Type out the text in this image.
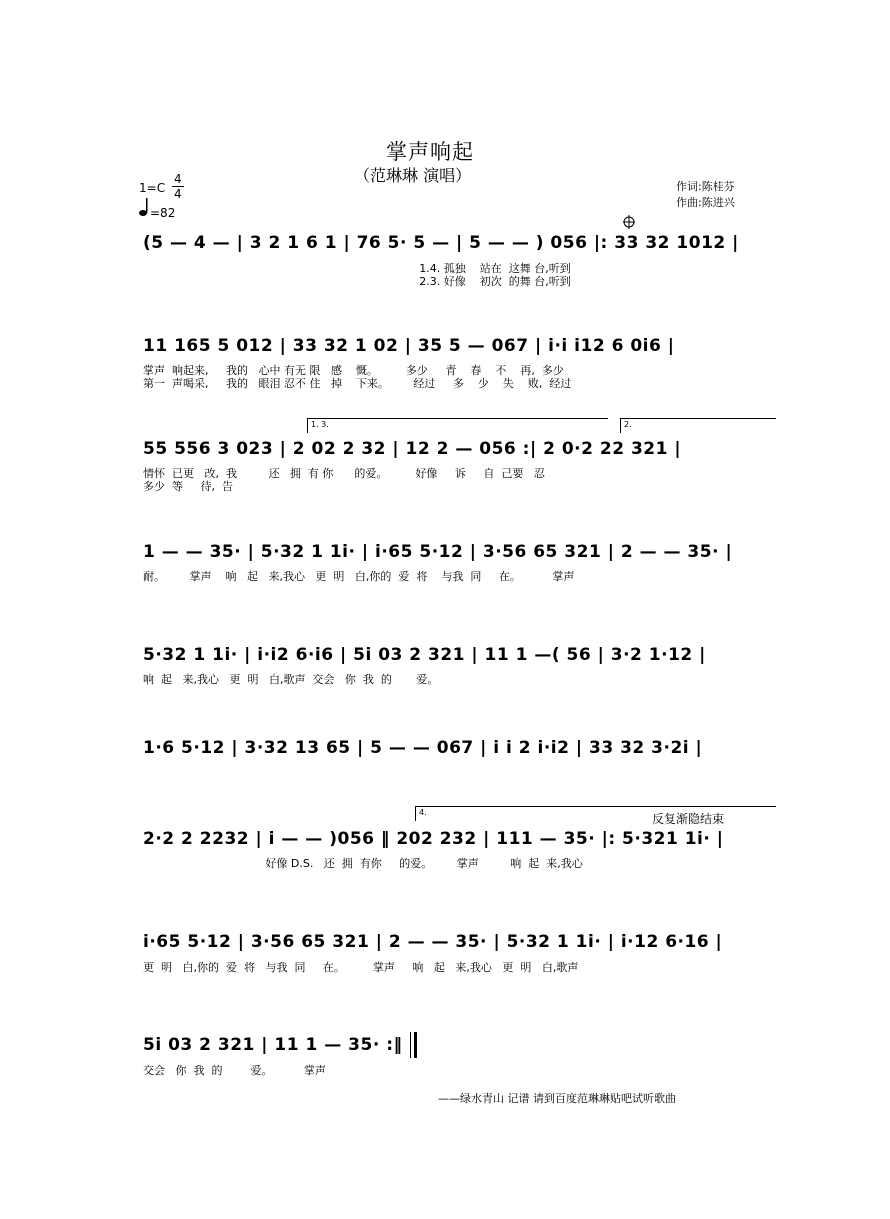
掌声响起
（范琳琳 演唱）
1=C
4
4
=82
作词:陈桂芬
作曲:陈进兴
(5 — 4 — | 3 2 1 6 1 | 76 5· 5 — | 5 — — ) 056 |: 33 32 1012 |
1.4. 孤独    站在  这舞 台,听到
2.3. 好像    初次  的舞 台,听到
11 165 5 012 | 33 32 1 02 | 35 5 — 067 | i·i i12 6 0i6 |
掌声  响起来,     我的   心中 有无 限   感    慨。        多少     青    春    不    再,  多少
第一  声喝采,     我的   眼泪 忍不 住   掉    下来。       经过     多    少    失    败,  经过
1. 3.	2.
55 556 3 023 | 2 02 2 32 | 12 2 — 056 :| 2 0·2 22 321 |
情怀  已更   改,  我         还   拥  有 你      的爱。        好像     诉     自  己要   忍
多少  等     待,  告
1 — — 35· | 5·32 1 1i· | i·65 5·12 | 3·56 65 321 | 2 — — 35· |
耐。       掌声    响   起   来,我心   更  明   白,你的  爱  将    与我  同     在。         掌声
5·32 1 1i· | i·i2 6·i6 | 5i 03 2 321 | 11 1 —( 56 | 3·2 1·12 |
响  起   来,我心   更  明   白,歌声  交会   你  我  的       爱。
1·6 5·12 | 3·32 13 65 | 5 — — 067 | i i 2 i·i2 | 33 32 3·2i |
4.	反复渐隐结束
2·2 2 2232 | i — — )056 ‖ 202 232 | 111 — 35· |: 5·321 1i· |
好像 D.S.   还  拥  有你     的爱。       掌声         响  起  来,我心
i·65 5·12 | 3·56 65 321 | 2 — — 35· | 5·32 1 1i· | i·12 6·16 |
更  明   白,你的  爱  将   与我  同     在。        掌声     响   起   来,我心   更  明   白,歌声
5i 03 2 321 | 11 1 — 35· :‖
交会   你  我  的        爱。         掌声
——绿水青山 记谱 请到百度范琳琳贴吧试听歌曲
